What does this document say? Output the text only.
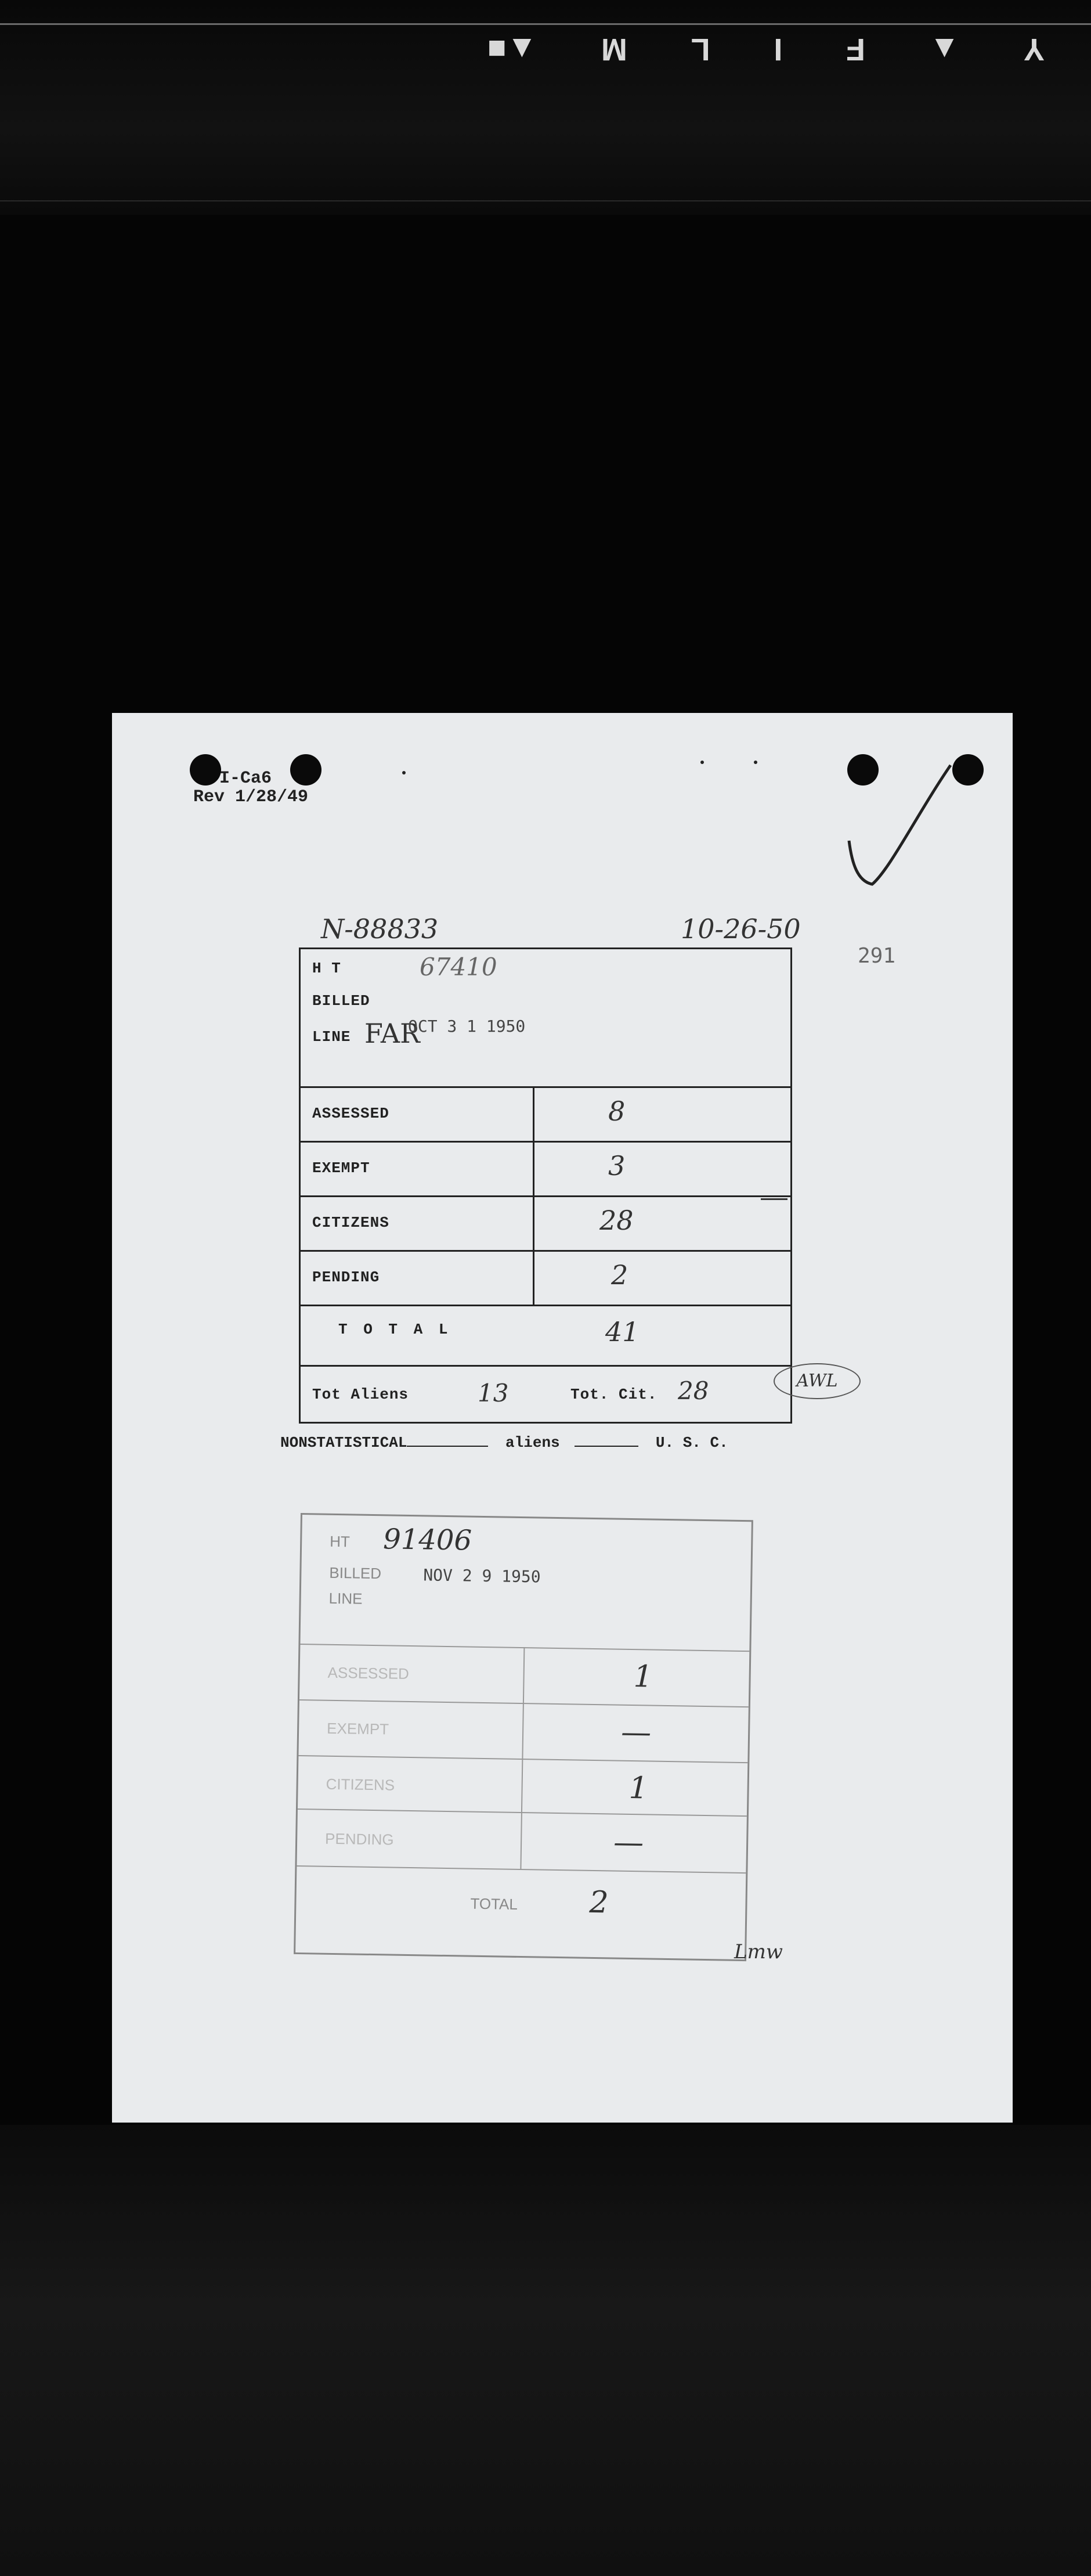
Y
▲
F
I
L
M
▲■
I-Ca6
Rev 1/28/49
N-88833	10-26-50
291
H T	67410
BILLED
LINE FAR
OCT 3 1 1950
ASSESSED	8
EXEMPT	3
CITIZENS	28
PENDING	2
T O T A L	41
Tot Aliens	13	Tot. Cit. 28	AWL
NONSTATISTICAL	aliens	U. S. C.
HT 91406
BILLED	NOV 2 9 1950
LINE
ASSESSED	1
EXEMPT	—
CITIZENS	1
PENDING	—
TOTAL 2
Lmw
